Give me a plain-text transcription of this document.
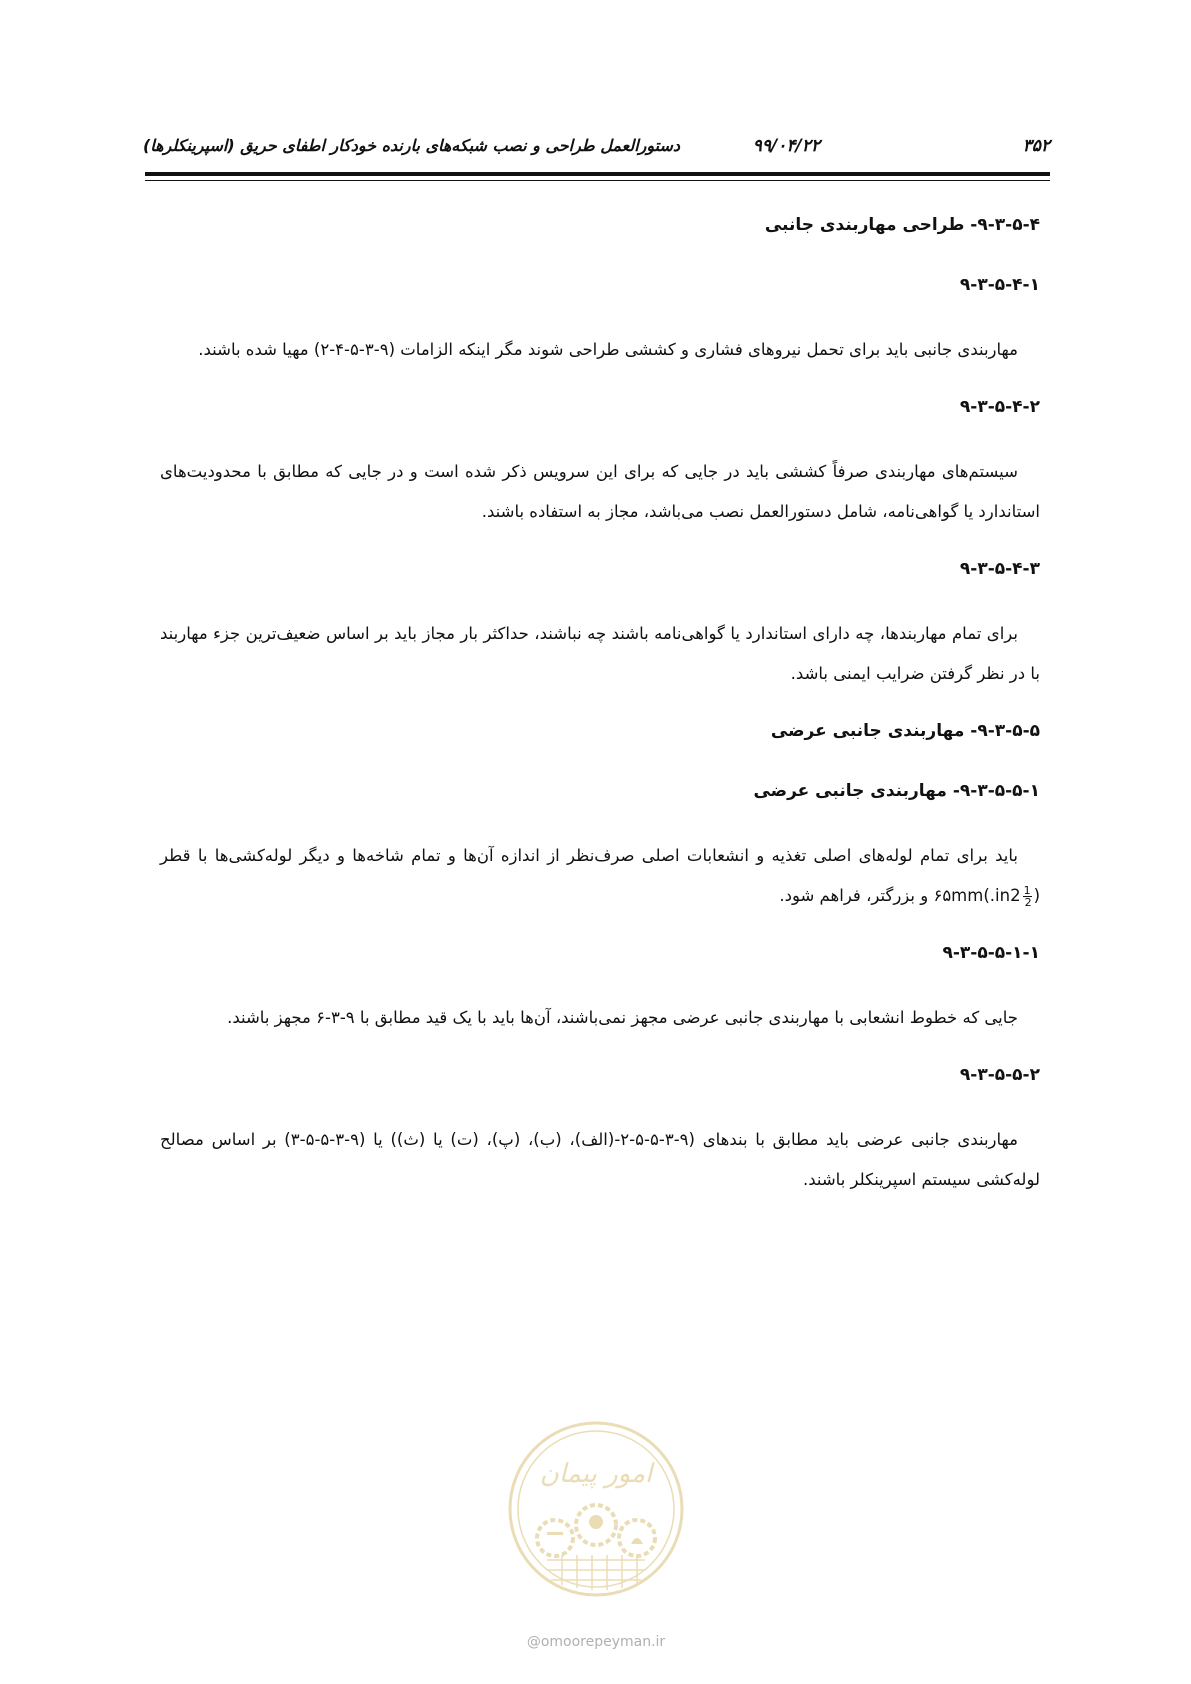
۳۵۲
۹۹/۰۴/۲۲
دستورالعمل طراحی و نصب شبکه‌های بارنده خودکار اطفای حریق (اسپرینکلرها)
۹-۳-۵-۴- طراحی مهاربندی جانبی
۹-۳-۵-۴-۱
مهاربندی جانبی باید برای تحمل نیروهای فشاری و کششی طراحی شوند مگر اینکه الزامات (۹-۳-۵-۴-۲) مهیا شده باشند.
۹-۳-۵-۴-۲
سیستم‌های مهاربندی صرفاً کششی باید در جایی که برای این سرویس ذکر شده است و در جایی که مطابق با محدودیت‌های استاندارد یا گواهی‌نامه، شامل دستورالعمل نصب می‌باشد، مجاز به استفاده باشند.
۹-۳-۵-۴-۳
برای تمام مهاربندها، چه دارای استاندارد یا گواهی‌نامه باشند چه نباشند، حداکثر بار مجاز باید بر اساس ضعیف‌ترین جزء مهاربند با در نظر گرفتن ضرایب ایمنی باشد.
۹-۳-۵-۵- مهاربندی جانبی عرضی
۹-۳-۵-۵-۱- مهاربندی جانبی عرضی
باید برای تمام لوله‌های اصلی تغذیه و انشعابات اصلی صرف‌نظر از اندازه آن‌ها و تمام شاخه‌ها و دیگر لوله‌کشی‌ها با قطر ۶۵mm(.in2 $\frac{1}{2}$
) و بزرگتر، فراهم شود.
۹-۳-۵-۵-۱-۱
جایی که خطوط انشعابی با مهاربندی جانبی عرضی مجهز نمی‌باشند، آن‌ها باید با یک قید مطابق با ۹-۳-۶ مجهز باشند.
۹-۳-۵-۵-۲
مهاربندی جانبی عرضی باید مطابق با بندهای (۹-۳-۵-۵-۲-(الف)، (ب)، (پ)، (ت) یا (ث)) یا (۹-۳-۵-۵-۳) بر اساس مصالح لوله‌کشی سیستم اسپرینکلر باشند.
امور پیمان
@omoorepeyman.ir
